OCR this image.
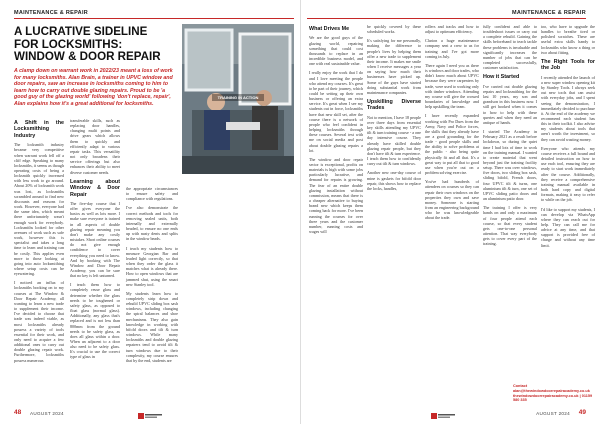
MAINTENANCE & REPAIR
A LUCRATIVE SIDELINE FOR LOCKSMITHS: WINDOW & DOOR REPAIR
A clamp down on warrant work in 2022/23 meant a loss of work for many locksmiths. Alan Brain, a trainer in UPVC window and door repairs, saw an increase in locksmiths coming to him to learn how to carry out double glazing repairs. Proud to be 'a good guy of the glazing world' following 'don't replace, repair', Alan explains how it's a great additional for locksmiths.
TRAINING IN ACTION
A Shift in the Locksmithing Industry

The locksmith industry became very competitive when warrant work fell off a cliff edge. Speaking to many locksmiths, it seems as though operating costs of being a locksmith quickly increased with less work to go around. About 20% of locksmith work was lost, as locksmiths scrambled around to find new discounts and reasons for work. However, everyone had the same idea, which meant there unfortunately wasn't enough work for everybody. Locksmiths looked for other avenues of work such as safe work, however this is specialist and takes a long time to learn and training can be costly. This applies even more to those looking at going into auto locksmithing where setup costs can be eyewatering.

I noticed an influx of locksmiths booking on to my courses at The Window & Door Repair Academy, all wanting to learn a new trade to supplement their income. I've decided to choose that trade was indeed viable, as most locksmiths already possess a variety of tools essential for their work, and only need to acquire a few additional ones to carry out double glazing repair work. Furthermore, locksmiths possess numerous

transferable skills, such as replacing door handles, changing multi points and drive gears which allows them to quickly and efficiently adapt to various repair tasks. This versatility not only broadens their service offerings but also enhances their ability to meet diverse customer needs.

Learning about Window & Door Repair

The five-day course that I offer gives everyone the basics as well as lots more. I make sure everyone is trained in all aspects of double glazing repair meaning you don't make any costly mistakes. Short online courses do not give enough confidence to cover everything you need to know. And by booking with The Window and Door Repair Academy, you can be sure that no key is left unturned.

I teach them how to completely reuse glass and determine whether the glass needs to be toughened or safety glass, as opposed to float glass (normal glass). Additionally, any glass that's replaced and is not less than 800mm from the ground needs to be safety glass, as does all glass within a door. When an adjacent to a door also need to be safety glass. It's crucial to use the correct type of glass in

the appropriate circumstances to ensure safety and compliance with regulations.

I've also demonstrate the correct methods and tools for removing sealed units, both internally and externally beaded, to ensure no one ends up with nasty dents and splits in the window beads.

I teach my students how to measure Georgian Bar and leaded light correctly, so that when they order the glass it matches what is already there. How to open windows that are jammed shut, using the smart new Stanley tool.

My students learn how to completely strip down and rebuild UPVC sliding box sash windows, including changing the spiral balances and shoe mechanisms. They also gain knowledge in working with bifold doors and tilt & turn windows. While many locksmiths and double glazing repairers tend to avoid tilt & turn windows due to their complexity, my course ensures that by the end, students are

48 AUGUST 2024
MAINTENANCE & REPAIR
What Drives Me

We are the good guys of the glazing world, repairing something that could cost thousands to replace in an incredible business model, and one with real sustainable value.

I really enjoy the work that I do and I love meeting the people who attend my courses. It's great to be part of their journey, which could be setting up their own business or offering an extra service. It's great when I see my students out in force, locksmiths have that new skill set, after the course there is a network of people who feel confident in helping locksmiths through these courses. Several text with me on social media and post about double glazing repairs a lot.

The window and door repair sector is exceptional, profits on materials is high with some jobs particularly lucrative, and demand for repairs is growing. The fear of an entire double glazing installation without commission, means that there is a cheaper alternative to buying brand new which keeps them coming back for more. I've been running the courses for over three years and the customer number, running costs and wages will

be quickly covered by these scheduled works.

It's satisfying for me personally, making the difference to people's lives by helping them offer a new trade to supplement their income. It makes me smile when I receive messages a year on saying how much their businesses have picked up. Some of the guys have started doing substantial work from maintenance companies.

Upskilling Diverse Trades

Not to mention, I have 18 people over three days from essential key skills attending my UPVC tilt & turn training course - a one day intensive course. They already have skilled double glazing repair people, but they don't have tilt & turn experience. I teach them how to confidently carry out tilt & turn windows.

Another new one-day course of mine is gaskets for bifold door repair, this shows how to replace the locks, handles,

rollers and tracks and how to adjust to optimum efficiency.

Clarion a huge maintenance company sent a crew to us for training and I've got more coming in July.

There again I need you as there is windows and door trades, who didn't know much about UPVC because they were carpenters by trade, were used to working only with timber windows. Attending my course will give the crossed boundaries of knowledge and help upskilling the team.

I have recently expanded working with Pro Dues from the Army, Navy and Police forces, the skills that they already have are a good grounding for the trade - good people skills and the ability to solve problems at the public - also being quite physically fit and all that. It's a great way to put all that to good use when you're out on a problem solving exercise.

You've had hundreds of attendees on courses so they can repair their own windows on the properties they own and save money. Someone is starting from an engineering background who he was knowledgeable about the trade.

fully confident and able to troubleshoot issues or carry out a complete rebuild. Gaining the skills beforehand to teach tackle these problems is invaluable and significantly increases the number of jobs that can be completed successfully, customer satisfaction.

How it Started

I've carried out double glazing repairs and locksmithing for the last 10 years, my son and grandson in this business now. I still get hooked when it comes to how to help with these queries and when they need an antique of hands.

I started The Academy in February 2021 as a result before lockdown, so during the quiet time I had lots of time to work on the training manual. I wanted to create material that went beyond just the training facility setup. There was over windows, five doors, two sliding box sash, sliding bifold, French doors, four UPVC tilt & turns, one aluminium tilt & turn, one set of UPVC sliding patio doors and an aluminium patio door.

The training I offer is very hands on and only a maximum of four people attend each course, so that every student gets one-to-one personal attention. That way everybody gets to cover every part of the training.

too, who have to upgrade the handles to breathe tired or polished scratches. These are useful extra skills handy to locksmiths who know a thing or two about fitting.

The Right Tools for the Job

I recently attended the launch of a new super window opening kit by Stanley Tools. I always seek out new tools that can assist with everyday jobs, and I spent seeing the demonstration, I immediately decided to purchase it. At the end of the academy we recommend each student has this in their toolkit. I also advise my students about tools that aren't worth the investment, so they can avoid wasting money.

Everyone who attends my course receives a full bound and detailed instruction on how to use each tool, ensuring they are ready to start work immediately after the course. Additionally, they receive a comprehensive training manual available in both hard copy and digital formats, making it easy to refer to while on the job.

I'd like to support my students, I can develop via WhatsApp where they can reach out for help. They can call me for advice at any time, and that support is provided free of charge and without any time limit.

Contact alan@thewindowdoorrepairacademy.co.uk thewindowdoorrepairacademy.co.uk | 01159 580 335
AUGUST 2024 49
